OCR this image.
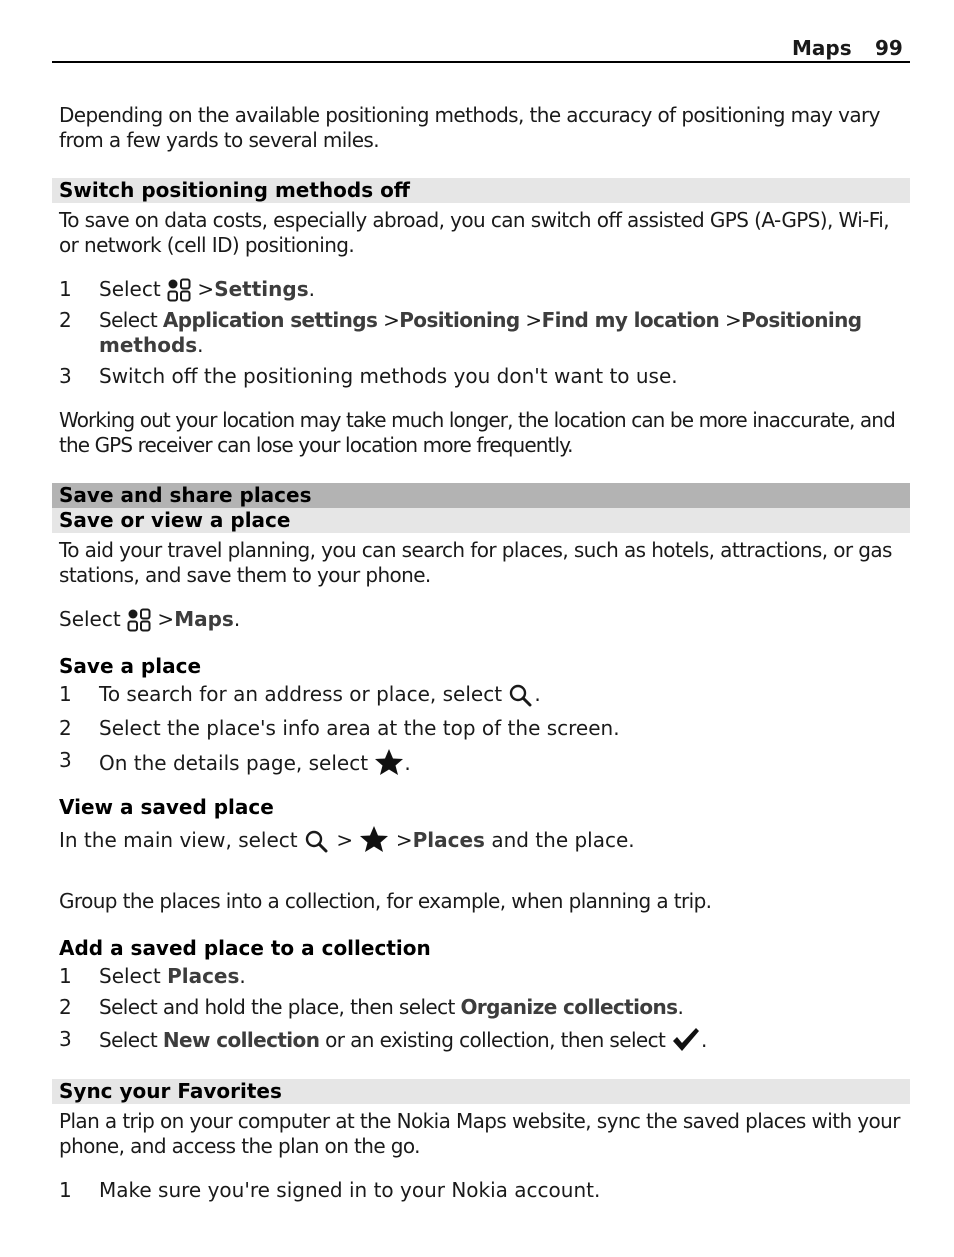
Maps 99
Depending on the available positioning methods, the accuracy of positioning may vary from a few yards to several miles.
Switch positioning methods off
To save on data costs, especially abroad, you can switch off assisted GPS (A-GPS), Wi-Fi, or network (cell ID) positioning.
1 Select >Settings.
2 Select Application settings >Positioning >Find my location >Positioning
methods.
3 Switch off the positioning methods you don't want to use.
Working out your location may take much longer, the location can be more inaccurate, and the GPS receiver can lose your location more frequently.
Save and share places
Save or view a place
To aid your travel planning, you can search for places, such as hotels, attractions, or gas stations, and save them to your phone.
Select >Maps.
Save a place
1 To search for an address or place, select .
2 Select the place's info area at the top of the screen.
3 On the details page, select .
View a saved place
In the main view, select > >Places and the place.
Group the places into a collection, for example, when planning a trip.
Add a saved place to a collection
1 Select Places.
2 Select and hold the place, then select Organize collections.
3 Select New collection or an existing collection, then select .
Sync your Favorites
Plan a trip on your computer at the Nokia Maps website, sync the saved places with your phone, and access the plan on the go.
1 Make sure you're signed in to your Nokia account.
